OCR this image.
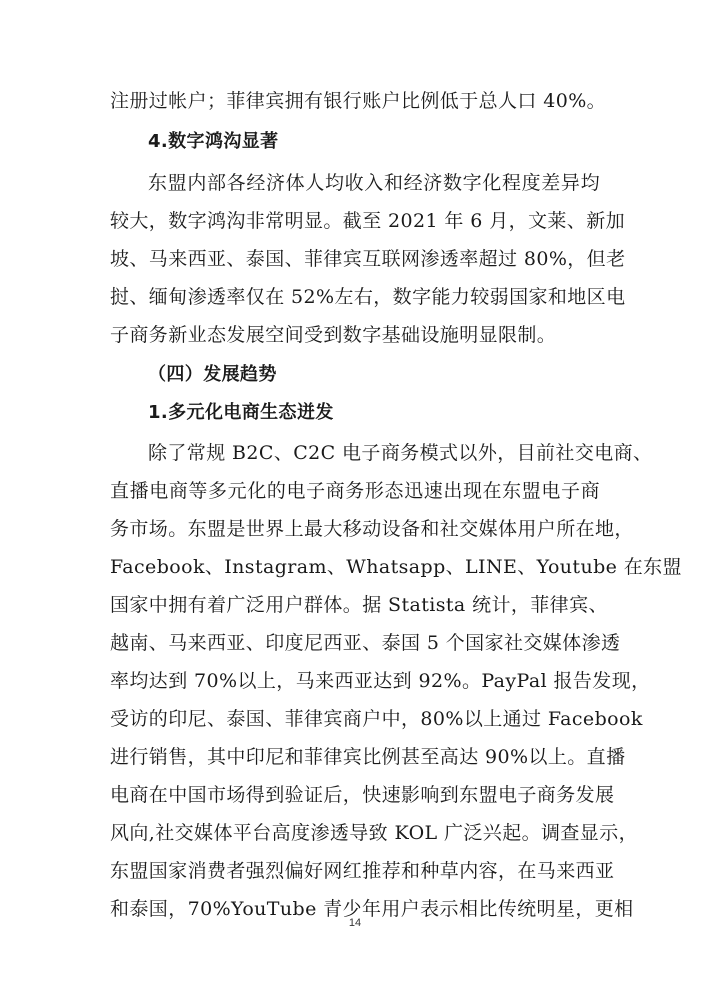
注册过帐户；菲律宾拥有银行账户比例低于总人口 40%。
4.数字鸿沟显著
东盟内部各经济体人均收入和经济数字化程度差异均
较大，数字鸿沟非常明显。截至 2021 年 6 月，文莱、新加
坡、马来西亚、泰国、菲律宾互联网渗透率超过 80%，但老
挝、缅甸渗透率仅在 52%左右，数字能力较弱国家和地区电
子商务新业态发展空间受到数字基础设施明显限制。
（四）发展趋势
1.多元化电商生态迸发
除了常规 B2C、C2C 电子商务模式以外，目前社交电商、
直播电商等多元化的电子商务形态迅速出现在东盟电子商
务市场。东盟是世界上最大移动设备和社交媒体用户所在地，
Facebook、Instagram、Whatsapp、LINE、Youtube 在东盟
国家中拥有着广泛用户群体。据 Statista 统计，菲律宾、
越南、马来西亚、印度尼西亚、泰国 5 个国家社交媒体渗透
率均达到 70%以上，马来西亚达到 92%。PayPal 报告发现，
受访的印尼、泰国、菲律宾商户中，80%以上通过 Facebook
进行销售，其中印尼和菲律宾比例甚至高达 90%以上。直播
电商在中国市场得到验证后，快速影响到东盟电子商务发展
风向,社交媒体平台高度渗透导致 KOL 广泛兴起。调查显示，
东盟国家消费者强烈偏好网红推荐和种草内容，在马来西亚
和泰国，70%YouTube 青少年用户表示相比传统明星，更相
14
